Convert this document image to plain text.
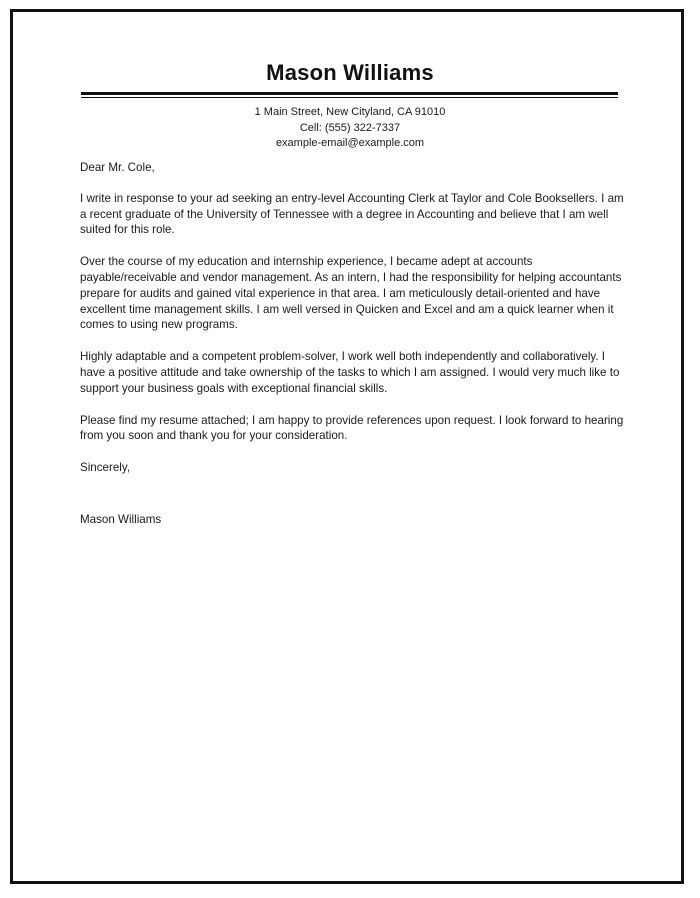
Mason Williams
1 Main Street, New Cityland, CA 91010
Cell: (555) 322-7337
example-email@example.com

Dear Mr. Cole,

I write in response to your ad seeking an entry-level Accounting Clerk at Taylor and Cole Booksellers. I am a recent graduate of the University of Tennessee with a degree in Accounting and believe that I am well suited for this role.

Over the course of my education and internship experience, I became adept at accounts payable/receivable and vendor management. As an intern, I had the responsibility for helping accountants prepare for audits and gained vital experience in that area. I am meticulously detail-oriented and have excellent time management skills. I am well versed in Quicken and Excel and am a quick learner when it comes to using new programs.

Highly adaptable and a competent problem-solver, I work well both independently and collaboratively. I have a positive attitude and take ownership of the tasks to which I am assigned. I would very much like to support your business goals with exceptional financial skills.

Please find my resume attached; I am happy to provide references upon request. I look forward to hearing from you soon and thank you for your consideration.

Sincerely,

Mason Williams
